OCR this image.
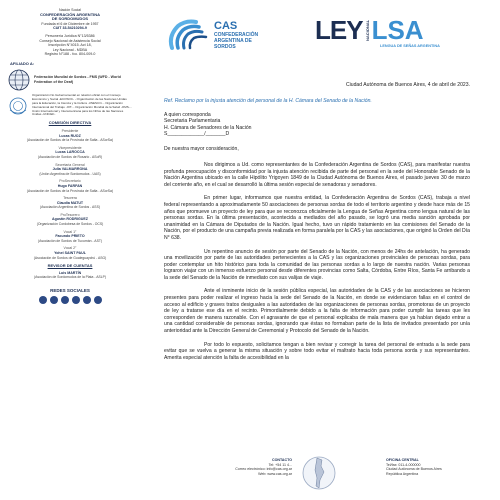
Nación Social
CONFEDERACIÓN ARGENTINA
DE SORDOMUDOS
Fundada el 6 de Diciembre de 1957
CUIT 33-54210294-9
Personería Jurídica N°13/5386
Consejo Nacional de Asistencia Social
Inscripción N°4015. Act 18,
Ley Nacional - MDBA
Registro N°188 - fco. 804-009-0
AFILIADO A:
Federación Mundial de Sordos - FMS (WFD - World Federation of the Deaf)
Organización No Gubernamental en relación oficial con el Consejo Económico y Social -ECOSOC- - Organización de las Naciones Unidas para la Educación, la Ciencia y la Cultura -UNESCO- - Organización Internacional del Trabajo -OIT- - Organización Mundial de la Salud -OMS- - Unión Internacional y Interamericana para los Niños de las Naciones Unidas -UNICEF-
COMISIÓN DIRECTIVA
Presidente
Lucas RUOZ
(Asociación de Sordos de la Provincia de Salta - ASorSa)
Vicepresidente
Lucas LAROCCA
(Asociación de Sordos de Rosario - ASoR)
Secretaria General
Julia VALMARRONA
(Unión Argentina de Sordomudos - UAS)
ProSecretario
Hugo FARFAN
(Asociación de Sordos de la Provincia de Salta - ASorSa)
Tesorera
Claudia MATUT
(Asociación Argentina de Sordos - ASS)
ProTesorero
Agustín RODRIGUEZ
(Organización Cordobesa de Sordos - OCS)
Vocal 1°
Facundo PRIETO
(Asociación de Sordos de Tucumán - AST)
Vocal 2°
Yohel SAINT PAUL
(Asociación de Sordos de Gualeguaychú - ASG)
REVISOR DE CUENTAS
Luis MARTÍN
(Asociación de Sordomudos de la Plata - ASLP)
REDES SOCIALES
CAS
CONFEDERACIÓN
ARGENTINA DE
SORDOS
LEY NACIONAL LSA
LENGUA DE SEÑAS ARGENTINA

Ciudad Autónoma de Buenos Aires, 4 de abril de 2023.

Ref. Reclamo por la injusta atención del personal de la H. Cámara del Senado de la Nación.

A quien corresponda

Secretaria Parlamentaria

H. Cámara de Senadores de la Nación

S_____________/_______D

De nuestra mayor consideración,

Nos dirigimos a Ud. como representantes de la Confederación Argentina de Sordos (CAS), para manifestar nuestra profunda preocupación y disconformidad por la injusta atención recibida de parte del personal en la sede del Honorable Senado de la Nación Argentina ubicado en la calle Hipólito Yrigoyen 1849 de la Ciudad Autónoma de Buenos Aires, el pasado jueves 30 de marzo del corriente año, en el cual se desarrolló la última sesión especial de senadoras y senadores.

En primer lugar, informamos que nuestra entidad, la Confederación Argentina de Sordos (CAS), trabaja a nivel federal representando a aproximadamente 50 asociaciones de personas sordas de todo el territorio argentino y desde hace más de 15 años que promueve un proyecto de ley para que se reconozca oficialmente la Lengua de Señas Argentina como lengua natural de las personas sordas. En la última presentación, acontecida a mediados del año pasado, se logró una media sanción aprobada por unanimidad en la Cámara de Diputados de la Nación. Igual hecho, tuvo un rápido tratamiento en las comisiones del Senado de la Nación, por el producto de una campaña previa realizada en forma paralela por la CAS y las asociaciones, que originó la Orden del Día N° 638.

Un repentino anuncio de sesión por parte del Senado de la Nación, con menos de 24hs de antelación, ha generado una movilización por parte de las autoridades pertenecientes a la CAS y las organizaciones provinciales de personas sordas, para poder contemplar un hito histórico para toda la comunidad de las personas sordas a lo largo de nuestra nación. Varias personas lograron viajar con un inmenso esfuerzo personal desde diferentes provincias como Salta, Córdoba, Entre Ríos, Santa Fe arribando a la sede del Senado de la Nación de inmediato con sus valijas de viaje.

Ante el inminente inicio de la sesión pública especial, las autoridades de la CAS y de las asociaciones se hicieron presentes para poder realizar el ingreso hacia la sede del Senado de la Nación, en donde se evidenciaron fallas en el control de acceso al edificio y graves tratos desiguales a las autoridades de las organizaciones de personas sordas, promotoras de un proyecto de ley a tratarse ese día en el recinto. Primordialmente debido a la falta de información para poder cumplir las tareas que les corresponden de manera razonable. Con el agravante de que el personal explicaba de mala manera que ya habían dejado entrar a una cantidad considerable de personas sordas, ignorando que éstas no formaban parte de la lista de invitados presentado por unía anterioridad ante la Dirección General de Ceremonial y Protocolo del Senado de la Nación.

Por todo lo expuesto, solicitamos tengan a bien revisar y corregir la tarea del personal de entrada a la sede para evitar que se vuelva a generar la misma situación y sobre todo evitar el maltrato hacia toda persona sorda y sus representantes. Amerita especial atención la falta de accesibilidad en la

CONTACTO
Tel: +54 11 4...
Correo electrónico: info@cas.org.ar
Web: www.cas.org.ar
OFICINA CENTRAL
Tel/fax: 011-4-000000
Ciudad Autónoma de Buenos Aires
República Argentina
